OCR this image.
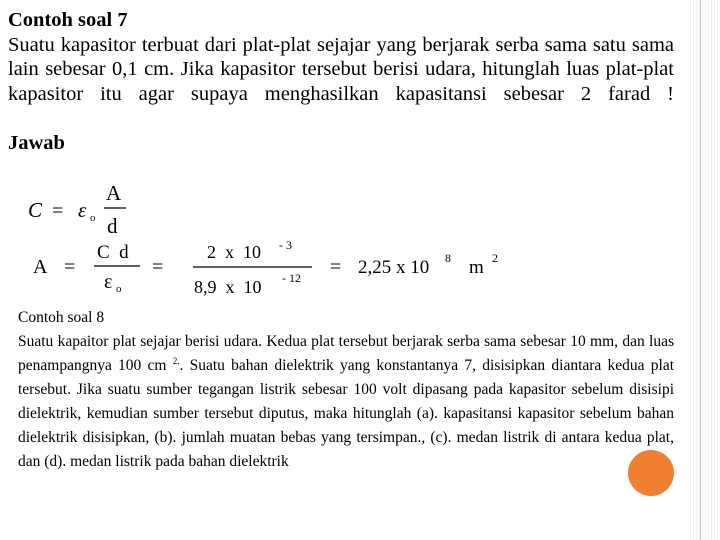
Contoh soal 7
Suatu kapasitor terbuat dari plat-plat sejajar yang berjarak serba sama satu sama lain sebesar 0,1 cm. Jika kapasitor tersebut berisi udara, hitunglah luas plat-plat kapasitor itu agar supaya menghasilkan kapasitansi sebesar 2 farad !
Jawab
C = ε o
A
d
A =
C  d
ε o
=
2  x  10 - 3
8,9  x  10 - 12 = 2,25 x 10 8 m 2
Contoh soal 8
Suatu kapaitor plat sejajar berisi udara. Kedua plat tersebut berjarak serba sama sebesar 10 mm, dan luas penampangnya 100 cm $^{2.}$. Suatu bahan dielektrik yang konstantanya 7, disisipkan diantara kedua plat tersebut. Jika suatu sumber tegangan listrik sebesar 100 volt dipasang pada kapasitor sebelum disisipi dielektrik, kemudian sumber tersebut diputus, maka hitunglah (a). kapasitansi kapasitor sebelum bahan dielektrik disisipkan, (b). jumlah muatan bebas yang tersimpan., (c). medan listrik di antara kedua plat, dan (d). medan listrik pada bahan dielektrik
